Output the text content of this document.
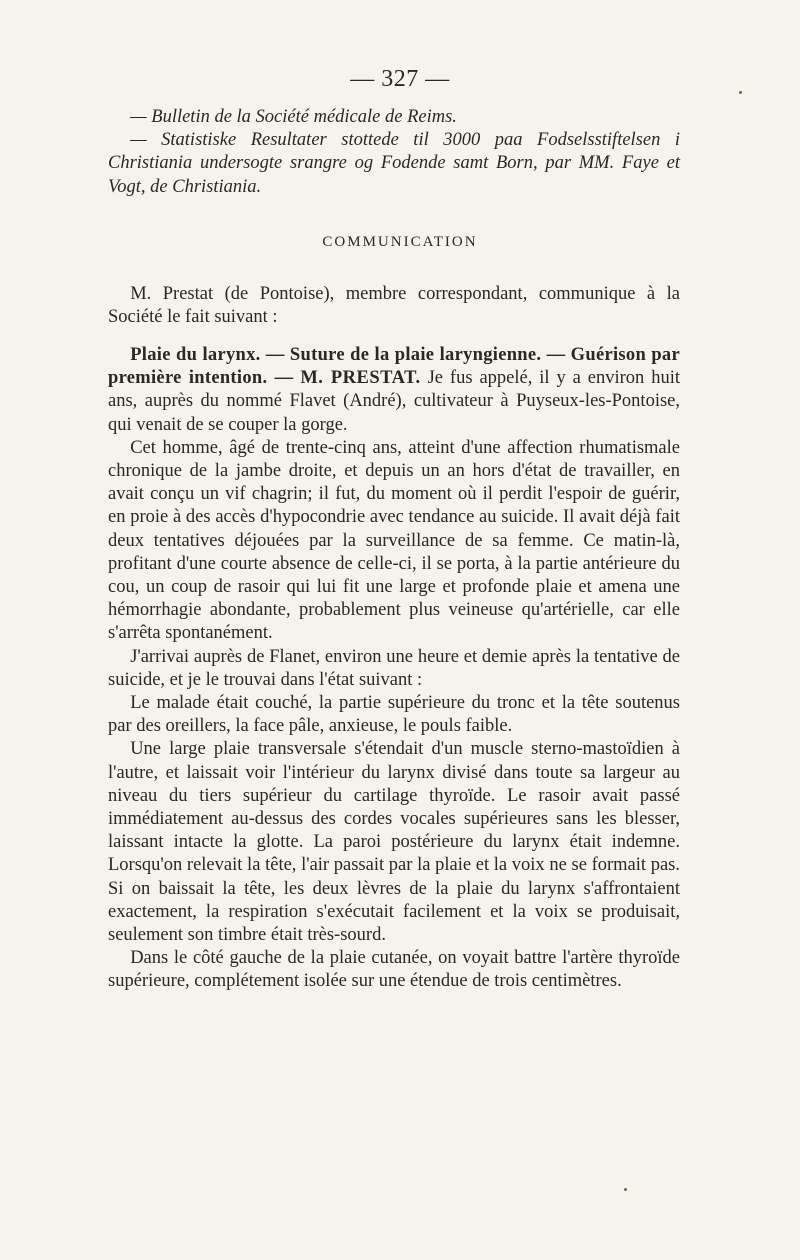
— 327 —

— Bulletin de la Société médicale de Reims.

— Statistiske Resultater stottede til 3000 paa Fodselsstiftelsen i Christiania undersogte srangre og Fodende samt Born, par MM. Faye et Vogt, de Christiania.

COMMUNICATION

M. Prestat (de Pontoise), membre correspondant, communique à la Société le fait suivant :

Plaie du larynx. — Suture de la plaie laryngienne. — Guérison par première intention. — M. PRESTAT. Je fus appelé, il y a environ huit ans, auprès du nommé Flavet (André), cultivateur à Puyseux-les-Pontoise, qui venait de se couper la gorge.

Cet homme, âgé de trente-cinq ans, atteint d'une affection rhumatismale chronique de la jambe droite, et depuis un an hors d'état de travailler, en avait conçu un vif chagrin; il fut, du moment où il perdit l'espoir de guérir, en proie à des accès d'hypocondrie avec tendance au suicide. Il avait déjà fait deux tentatives déjouées par la surveillance de sa femme. Ce matin-là, profitant d'une courte absence de celle-ci, il se porta, à la partie antérieure du cou, un coup de rasoir qui lui fit une large et profonde plaie et amena une hémorrhagie abondante, probablement plus veineuse qu'artérielle, car elle s'arrêta spontanément.

J'arrivai auprès de Flanet, environ une heure et demie après la tentative de suicide, et je le trouvai dans l'état suivant :

Le malade était couché, la partie supérieure du tronc et la tête soutenus par des oreillers, la face pâle, anxieuse, le pouls faible.

Une large plaie transversale s'étendait d'un muscle sterno-mastoïdien à l'autre, et laissait voir l'intérieur du larynx divisé dans toute sa largeur au niveau du tiers supérieur du cartilage thyroïde. Le rasoir avait passé immédiatement au-dessus des cordes vocales supérieures sans les blesser, laissant intacte la glotte. La paroi postérieure du larynx était indemne. Lorsqu'on relevait la tête, l'air passait par la plaie et la voix ne se formait pas. Si on baissait la tête, les deux lèvres de la plaie du larynx s'affrontaient exactement, la respiration s'exécutait facilement et la voix se produisait, seulement son timbre était très-sourd.

Dans le côté gauche de la plaie cutanée, on voyait battre l'artère thyroïde supérieure, complétement isolée sur une étendue de trois centimètres.
